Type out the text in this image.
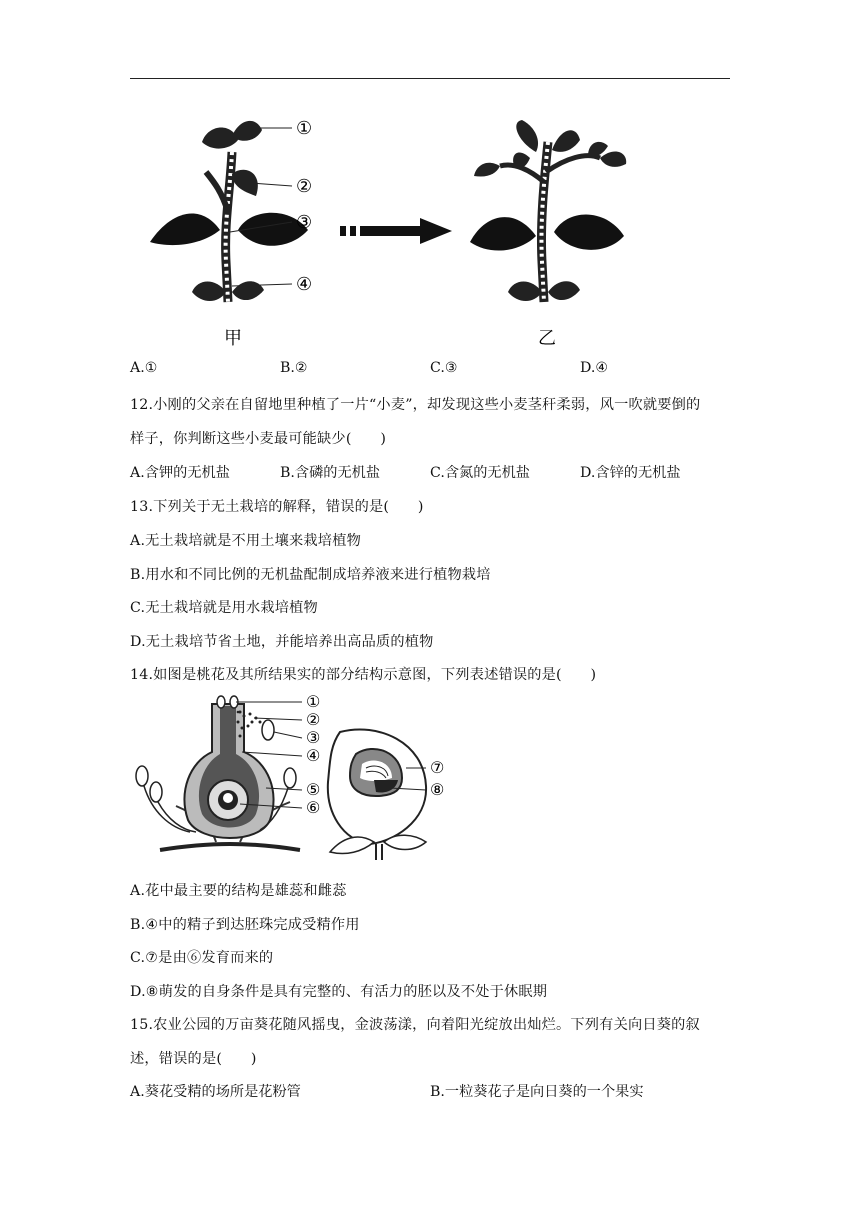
①
②
③
④
甲	乙
A.①	B.②	C.③	D.④
12.小刚的父亲在自留地里种植了一片“小麦”，却发现这些小麦茎秆柔弱，风一吹就要倒的
样子，你判断这些小麦最可能缺少(　　)
A.含钾的无机盐	B.含磷的无机盐	C.含氮的无机盐	D.含锌的无机盐
13.下列关于无土栽培的解释，错误的是(　　)
A.无土栽培就是不用土壤来栽培植物
B.用水和不同比例的无机盐配制成培养液来进行植物栽培
C.无土栽培就是用水栽培植物
D.无土栽培节省土地，并能培养出高品质的植物
14.如图是桃花及其所结果实的部分结构示意图，下列表述错误的是(　　)
①
②
③
④
⑤
⑥
⑦
⑧
A.花中最主要的结构是雄蕊和雌蕊
B.④中的精子到达胚珠完成受精作用
C.⑦是由⑥发育而来的
D.⑧萌发的自身条件是具有完整的、有活力的胚以及不处于休眠期
15.农业公园的万亩葵花随风摇曳，金波荡漾，向着阳光绽放出灿烂。下列有关向日葵的叙
述，错误的是(　　)
A.葵花受精的场所是花粉管	B.一粒葵花子是向日葵的一个果实
